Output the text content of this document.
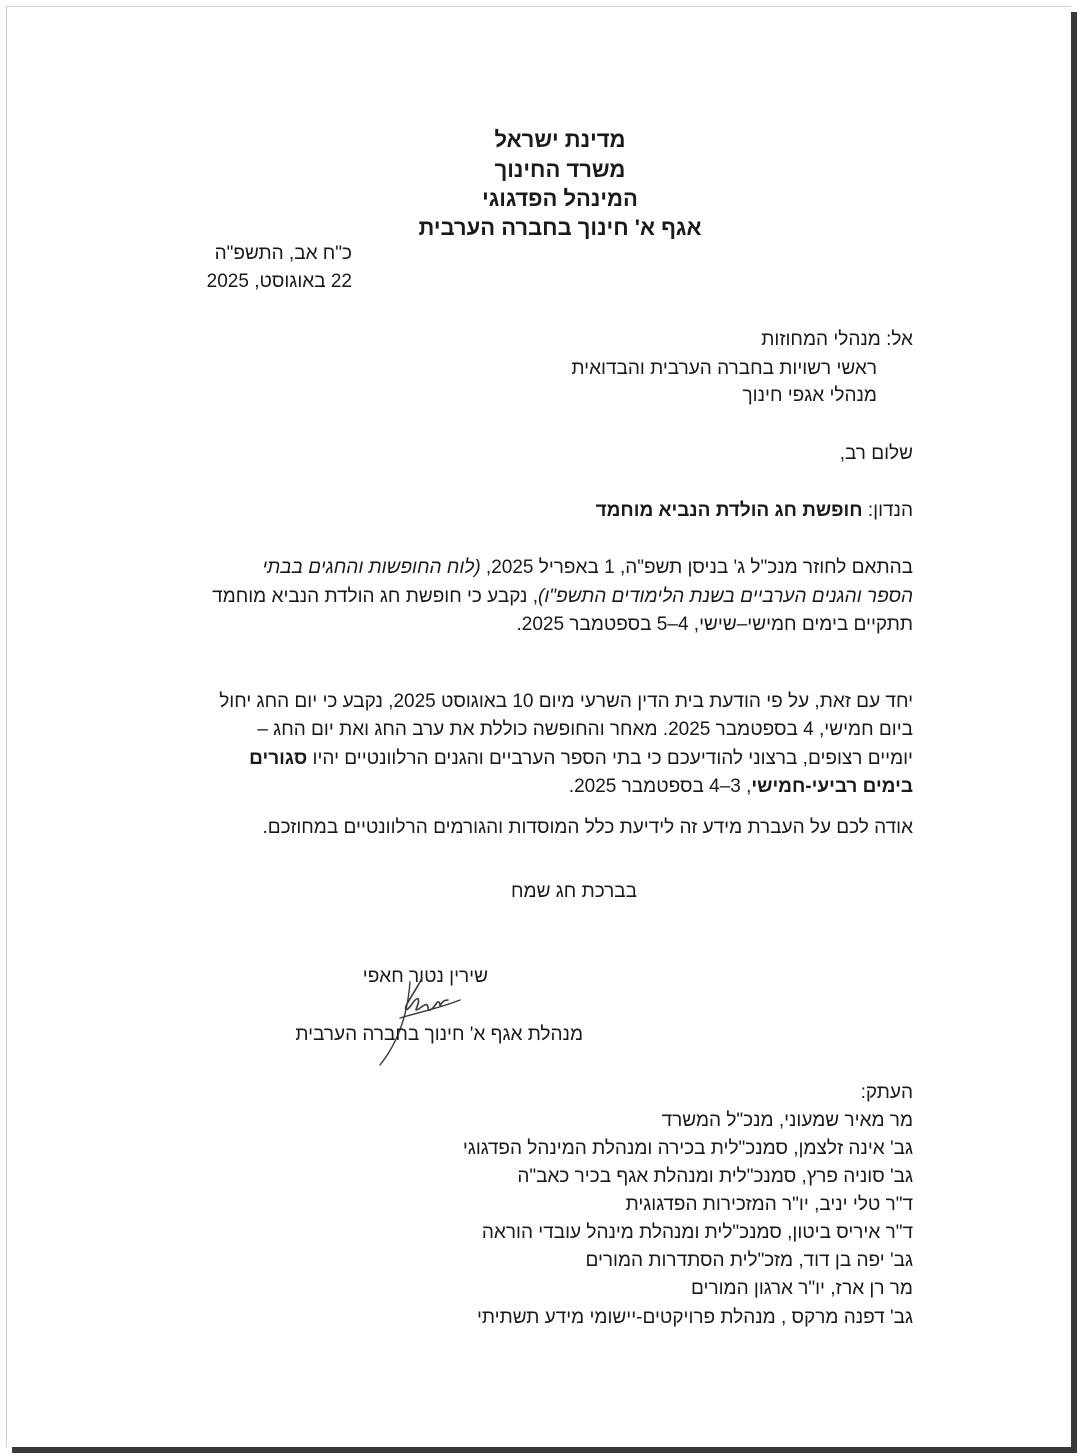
מדינת ישראל
משרד החינוך
המינהל הפדגוגי
אגף א' חינוך בחברה הערבית
כ"ח אב, התשפ"ה
22 באוגוסט, 2025
אל: מנהלי המחוזות
ראשי רשויות בחברה הערבית והבדואית
מנהלי אגפי חינוך
שלום רב,
הנדון: חופשת חג הולדת הנביא מוחמד
בהתאם לחוזר מנכ"ל ג' בניסן תשפ"ה, 1 באפריל 2025, (לוח החופשות והחגים בבתי
הספר והגנים הערביים בשנת הלימודים התשפ"ו), נקבע כי חופשת חג הולדת הנביא מוחמד
תתקיים בימים חמישי–שישי, 4–5 בספטמבר 2025.
יחד עם זאת, על פי הודעת בית הדין השרעי מיום 10 באוגוסט 2025, נקבע כי יום החג יחול
ביום חמישי, 4 בספטמבר 2025. מאחר והחופשה כוללת את ערב החג ואת יום החג –
יומיים רצופים, ברצוני להודיעכם כי בתי הספר הערביים והגנים הרלוונטיים יהיו סגורים
בימים רביעי-חמישי, 3–4 בספטמבר 2025.
אודה לכם על העברת מידע זה לידיעת כלל המוסדות והגורמים הרלוונטיים במחוזכם.
בברכת חג שמח
שירין נטור חאפי
מנהלת אגף א' חינוך בחברה הערבית
העתק:
מר מאיר שמעוני, מנכ"ל המשרד
גב' אינה זלצמן, סמנכ"לית בכירה ומנהלת המינהל הפדגוגי
גב' סוניה פרץ, סמנכ"לית ומנהלת אגף בכיר כאב"ה
ד"ר טלי יניב, יו"ר המזכירות הפדגוגית
ד"ר איריס ביטון, סמנכ"לית ומנהלת מינהל עובדי הוראה
גב' יפה בן דוד, מזכ"לית הסתדרות המורים
מר רן ארז, יו"ר ארגון המורים
גב' דפנה מרקס , מנהלת פרויקטים-יישומי מידע תשתיתי
